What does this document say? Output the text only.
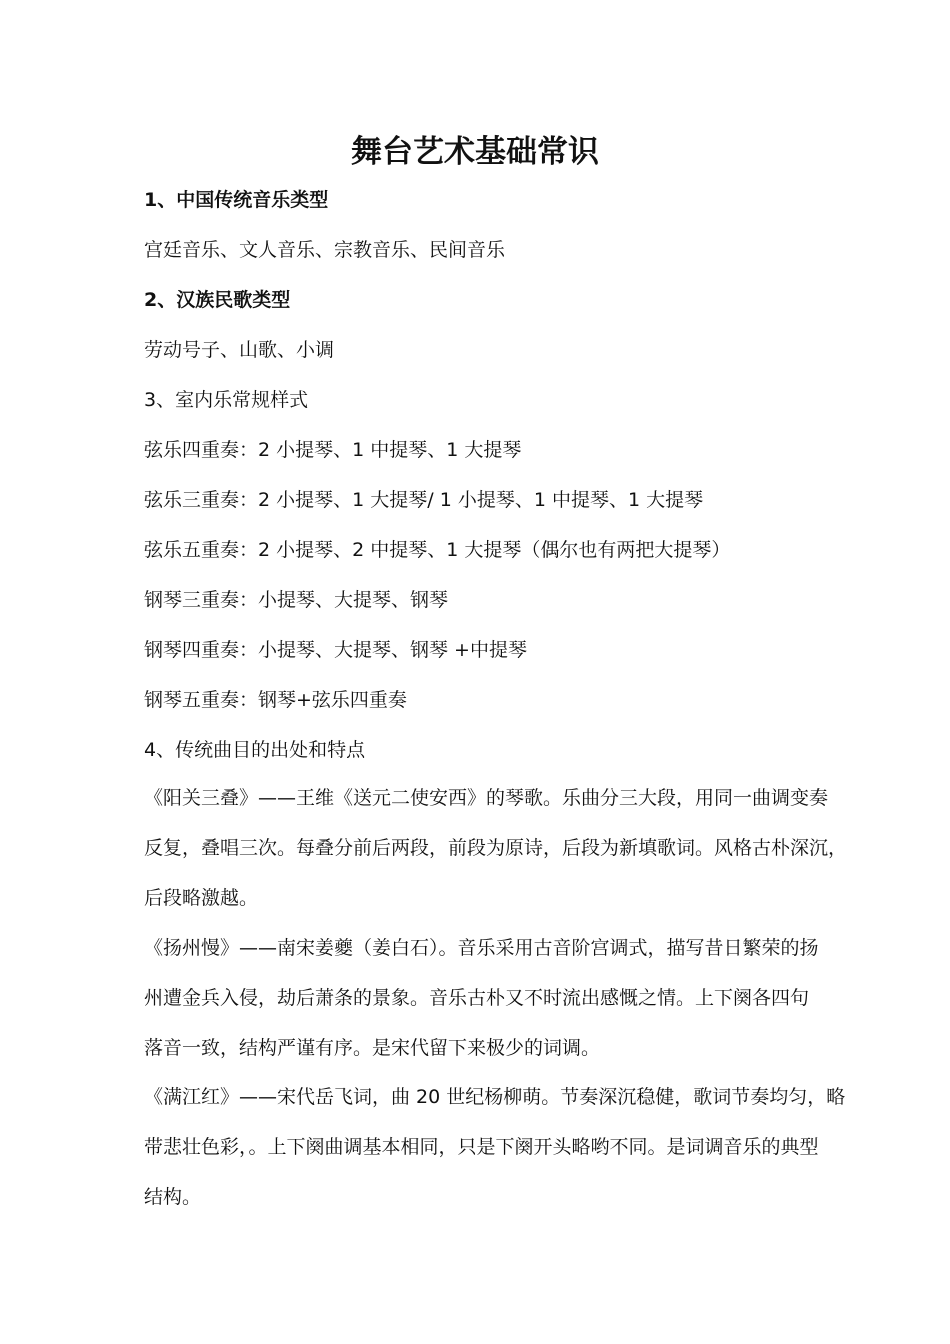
舞台艺术基础常识

1、中国传统音乐类型

宫廷音乐、文人音乐、宗教音乐、民间音乐

2、汉族民歌类型

劳动号子、山歌、小调

3、室内乐常规样式

弦乐四重奏：2 小提琴、1 中提琴、1 大提琴

弦乐三重奏：2 小提琴、1 大提琴/ 1 小提琴、1 中提琴、1 大提琴

弦乐五重奏：2 小提琴、2 中提琴、1 大提琴（偶尔也有两把大提琴）

钢琴三重奏：小提琴、大提琴、钢琴

钢琴四重奏：小提琴、大提琴、钢琴 +中提琴

钢琴五重奏：钢琴+弦乐四重奏

4、传统曲目的出处和特点

《阳关三叠》——王维《送元二使安西》的琴歌。乐曲分三大段，用同一曲调变奏
反复，叠唱三次。每叠分前后两段，前段为原诗，后段为新填歌词。风格古朴深沉，
后段略激越。

《扬州慢》——南宋姜夔（姜白石）。音乐采用古音阶宫调式，描写昔日繁荣的扬
州遭金兵入侵，劫后萧条的景象。音乐古朴又不时流出感慨之情。上下阕各四句
落音一致，结构严谨有序。是宋代留下来极少的词调。

《满江红》——宋代岳飞词，曲 20 世纪杨柳萌。节奏深沉稳健，歌词节奏均匀，略
带悲壮色彩，。上下阕曲调基本相同，只是下阕开头略哟不同。是词调音乐的典型
结构。
